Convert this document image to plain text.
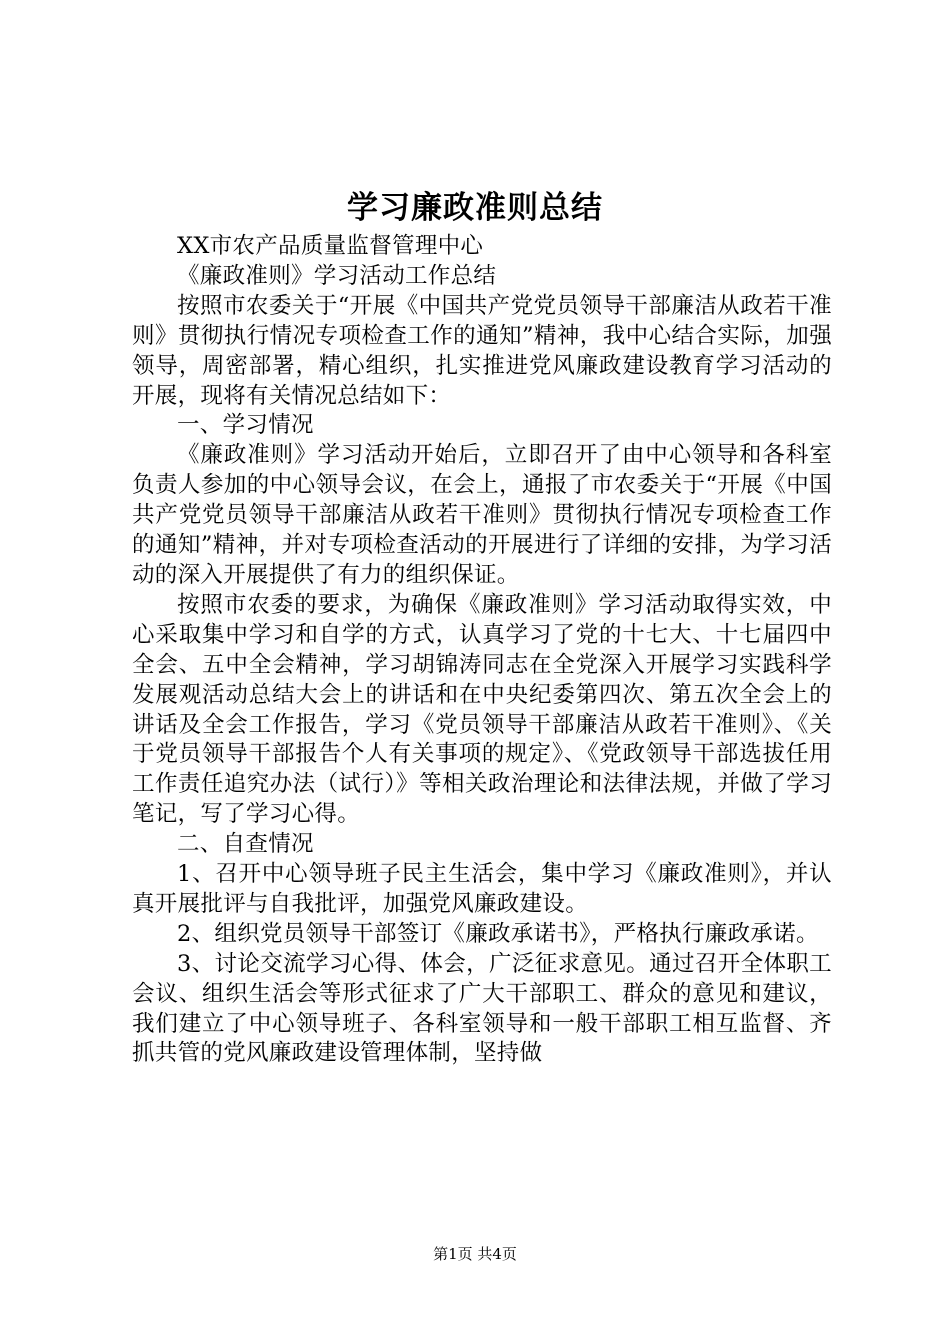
学习廉政准则总结

XX市农产品质量监督管理中心

《廉政准则》学习活动工作总结

按照市农委关于“开展《中国共产党党员领导干部廉洁从政若干准则》贯彻执行情况专项检查工作的通知”精神，我中心结合实际，加强领导，周密部署，精心组织，扎实推进党风廉政建设教育学习活动的开展，现将有关情况总结如下：

一、学习情况

《廉政准则》学习活动开始后，立即召开了由中心领导和各科室负责人参加的中心领导会议，在会上，通报了市农委关于“开展《中国共产党党员领导干部廉洁从政若干准则》贯彻执行情况专项检查工作的通知”精神，并对专项检查活动的开展进行了详细的安排，为学习活动的深入开展提供了有力的组织保证。

按照市农委的要求，为确保《廉政准则》学习活动取得实效，中心采取集中学习和自学的方式，认真学习了党的十七大、十七届四中全会、五中全会精神，学习胡锦涛同志在全党深入开展学习实践科学发展观活动总结大会上的讲话和在中央纪委第四次、第五次全会上的讲话及全会工作报告，学习《党员领导干部廉洁从政若干准则》、《关于党员领导干部报告个人有关事项的规定》、《党政领导干部选拔任用工作责任追究办法（试行）》等相关政治理论和法律法规，并做了学习笔记，写了学习心得。

二、自查情况

1、召开中心领导班子民主生活会，集中学习《廉政准则》，并认真开展批评与自我批评，加强党风廉政建设。

2、组织党员领导干部签订《廉政承诺书》，严格执行廉政承诺。

3、讨论交流学习心得、体会，广泛征求意见。通过召开全体职工会议、组织生活会等形式征求了广大干部职工、群众的意见和建议，我们建立了中心领导班子、各科室领导和一般干部职工相互监督、齐抓共管的党风廉政建设管理体制，坚持做

第1页 共4页
